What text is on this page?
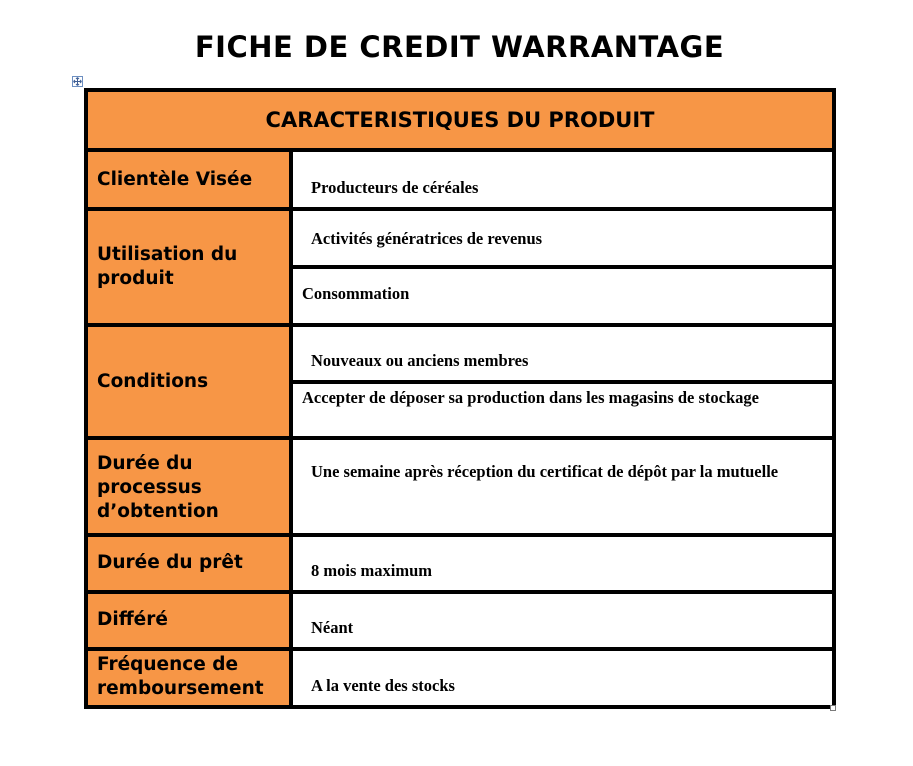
FICHE DE CREDIT WARRANTAGE
CARACTERISTIQUES DU PRODUIT	
Clientèle Visée	Producteurs de céréales
Utilisation du produit	Activités génératrices de revenus
	Consommation
Conditions	Nouveaux ou anciens membres
	Accepter de déposer sa production dans les magasins de stockage
Durée du processus d’obtention	Une semaine après réception du certificat de dépôt par la mutuelle
Durée du prêt	8 mois maximum
Différé	Néant
Fréquence de remboursement	A la vente des stocks
